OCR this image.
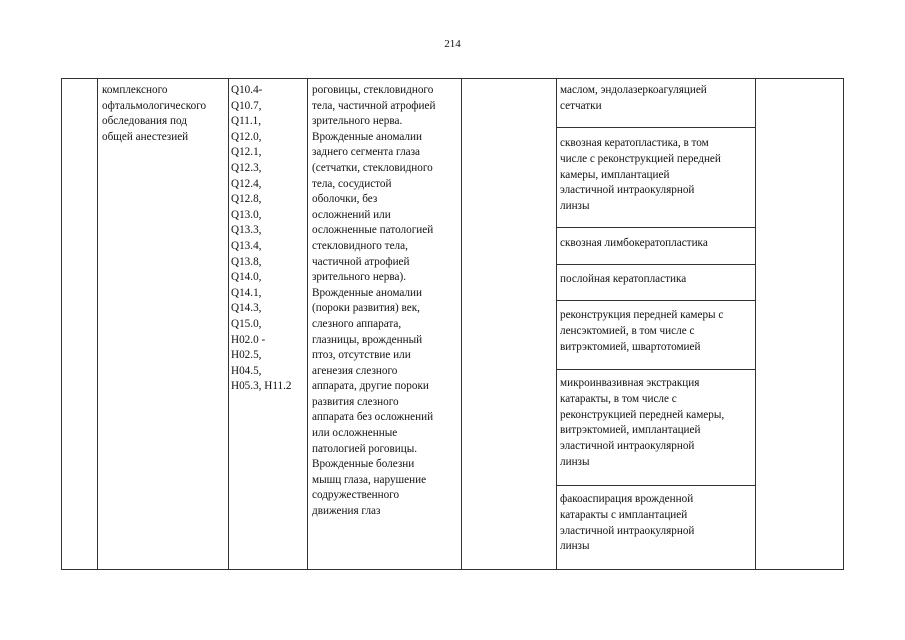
214
комплексного
офтальмологического
обследования под
общей анестезией
Q10.4-
Q10.7,
Q11.1,
Q12.0,
Q12.1,
Q12.3,
Q12.4,
Q12.8,
Q13.0,
Q13.3,
Q13.4,
Q13.8,
Q14.0,
Q14.1,
Q14.3,
Q15.0,
H02.0 -
H02.5,
H04.5,
H05.3, H11.2
роговицы, стекловидного
тела, частичной атрофией
зрительного нерва.
Врожденные аномалии
заднего сегмента глаза
(сетчатки, стекловидного
тела, сосудистой
оболочки, без
осложнений или
осложненные патологией
стекловидного тела,
частичной атрофией
зрительного нерва).
Врожденные аномалии
(пороки развития) век,
слезного аппарата,
глазницы, врожденный
птоз, отсутствие или
агенезия слезного
аппарата, другие пороки
развития слезного
аппарата без осложнений
или осложненные
патологией роговицы.
Врожденные болезни
мышц глаза, нарушение
содружественного
движения глаз
маслом, эндолазеркоагуляцией
сетчатки
сквозная кератопластика, в том
числе с реконструкцией передней
камеры, имплантацией
эластичной интраокулярной
линзы
сквозная лимбокератопластика
послойная кератопластика
реконструкция передней камеры с
ленсэктомией, в том числе с
витрэктомией, швартотомией
микроинвазивная экстракция
катаракты, в том числе с
реконструкцией передней камеры,
витрэктомией, имплантацией
эластичной интраокулярной
линзы
факоаспирация врожденной
катаракты с имплантацией
эластичной интраокулярной
линзы
